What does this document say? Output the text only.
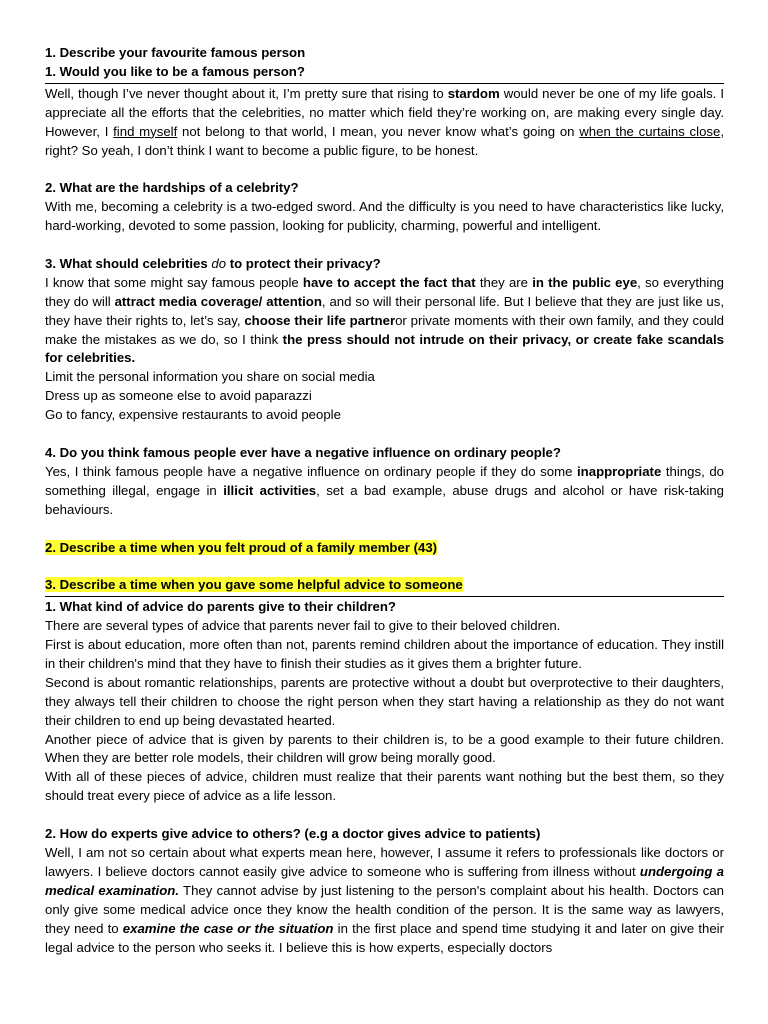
1. Describe your favourite famous person
1. Would you like to be a famous person?
Well, though I’ve never thought about it, I’m pretty sure that rising to stardom would never be one of my life goals. I appreciate all the efforts that the celebrities, no matter which field they’re working on, are making every single day. However, I find myself not belong to that world, I mean, you never know what’s going on when the curtains close, right? So yeah, I don’t think I want to become a public figure, to be honest.
2. What are the hardships of a celebrity?
With me, becoming a celebrity is a two-edged sword. And the difficulty is you need to have characteristics like lucky, hard-working, devoted to some passion, looking for publicity, charming, powerful and intelligent.
3. What should celebrities do to protect their privacy?
I know that some might say famous people have to accept the fact that they are in the public eye, so everything they do will attract media coverage/ attention, and so will their personal life. But I believe that they are just like us, they have their rights to, let’s say, choose their life partneror private moments with their own family, and they could make the mistakes as we do, so I think the press should not intrude on their privacy, or create fake scandals for celebrities.
Limit the personal information you share on social media
Dress up as someone else to avoid paparazzi
Go to fancy, expensive restaurants to avoid people
4. Do you think famous people ever have a negative influence on ordinary people?
Yes, I think famous people have a negative influence on ordinary people if they do some inappropriate things, do something illegal, engage in illicit activities, set a bad example, abuse drugs and alcohol or have risk-taking behaviours.
2. Describe a time when you felt proud of a family member (43)
3. Describe a time when you gave some helpful advice to someone
1. What kind of advice do parents give to their children?
There are several types of advice that parents never fail to give to their beloved children.
First is about education, more often than not, parents remind children about the importance of education. They instill in their children's mind that they have to finish their studies as it gives them a brighter future.
Second is about romantic relationships, parents are protective without a doubt but overprotective to their daughters, they always tell their children to choose the right person when they start having a relationship as they do not want their children to end up being devastated hearted.
Another piece of advice that is given by parents to their children is, to be a good example to their future children. When they are better role models, their children will grow being morally good.
With all of these pieces of advice, children must realize that their parents want nothing but the best them, so they should treat every piece of advice as a life lesson.
2. How do experts give advice to others? (e.g a doctor gives advice to patients)
Well, I am not so certain about what experts mean here, however, I assume it refers to professionals like doctors or lawyers. I believe doctors cannot easily give advice to someone who is suffering from illness without undergoing a medical examination. They cannot advise by just listening to the person's complaint about his health. Doctors can only give some medical advice once they know the health condition of the person. It is the same way as lawyers, they need to examine the case or the situation in the first place and spend time studying it and later on give their legal advice to the person who seeks it. I believe this is how experts, especially doctors
